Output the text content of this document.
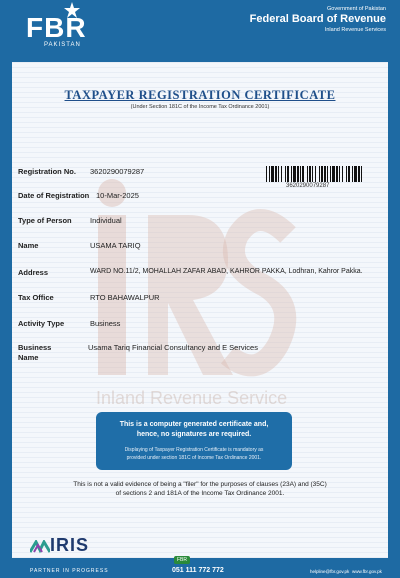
FBR
PAKISTAN
Government of Pakistan
Federal Board of Revenue
Inland Revenue Services
Inland Revenue Service
TAXPAYER REGISTRATION CERTIFICATE
(Under Section 181C of the Income Tax Ordinance 2001)
Registration No. 3620290079287
Date of Registration 10-Mar-2025
Type of Person Individual
Name	USAMA TARIQ
Address	WARD NO.11/2, MOHALLAH ZAFAR ABAD, KAHROR PAKKA, Lodhran, Kahror Pakka.
Tax Office	RTO BAHAWALPUR
Activity Type	Business
Business Name
Usama Tariq Financial Consultancy and E Services
3620290079287
This is a computer generated certificate and,
hence, no signatures are required.
Displaying of Taxpayer Registration Certificate is mandatory as
provided under section 181C of Income Tax Ordinance 2001.
This is not a valid evidence of being a "filer" for the purposes of clauses (23A) and (35C)
of sections 2 and 181A of the Income Tax Ordinance 2001.
IRIS
FBR
PARTNER IN PROGRESS	051 111 772 772	helpline@fbr.gov.pk www.fbr.gov.pk
